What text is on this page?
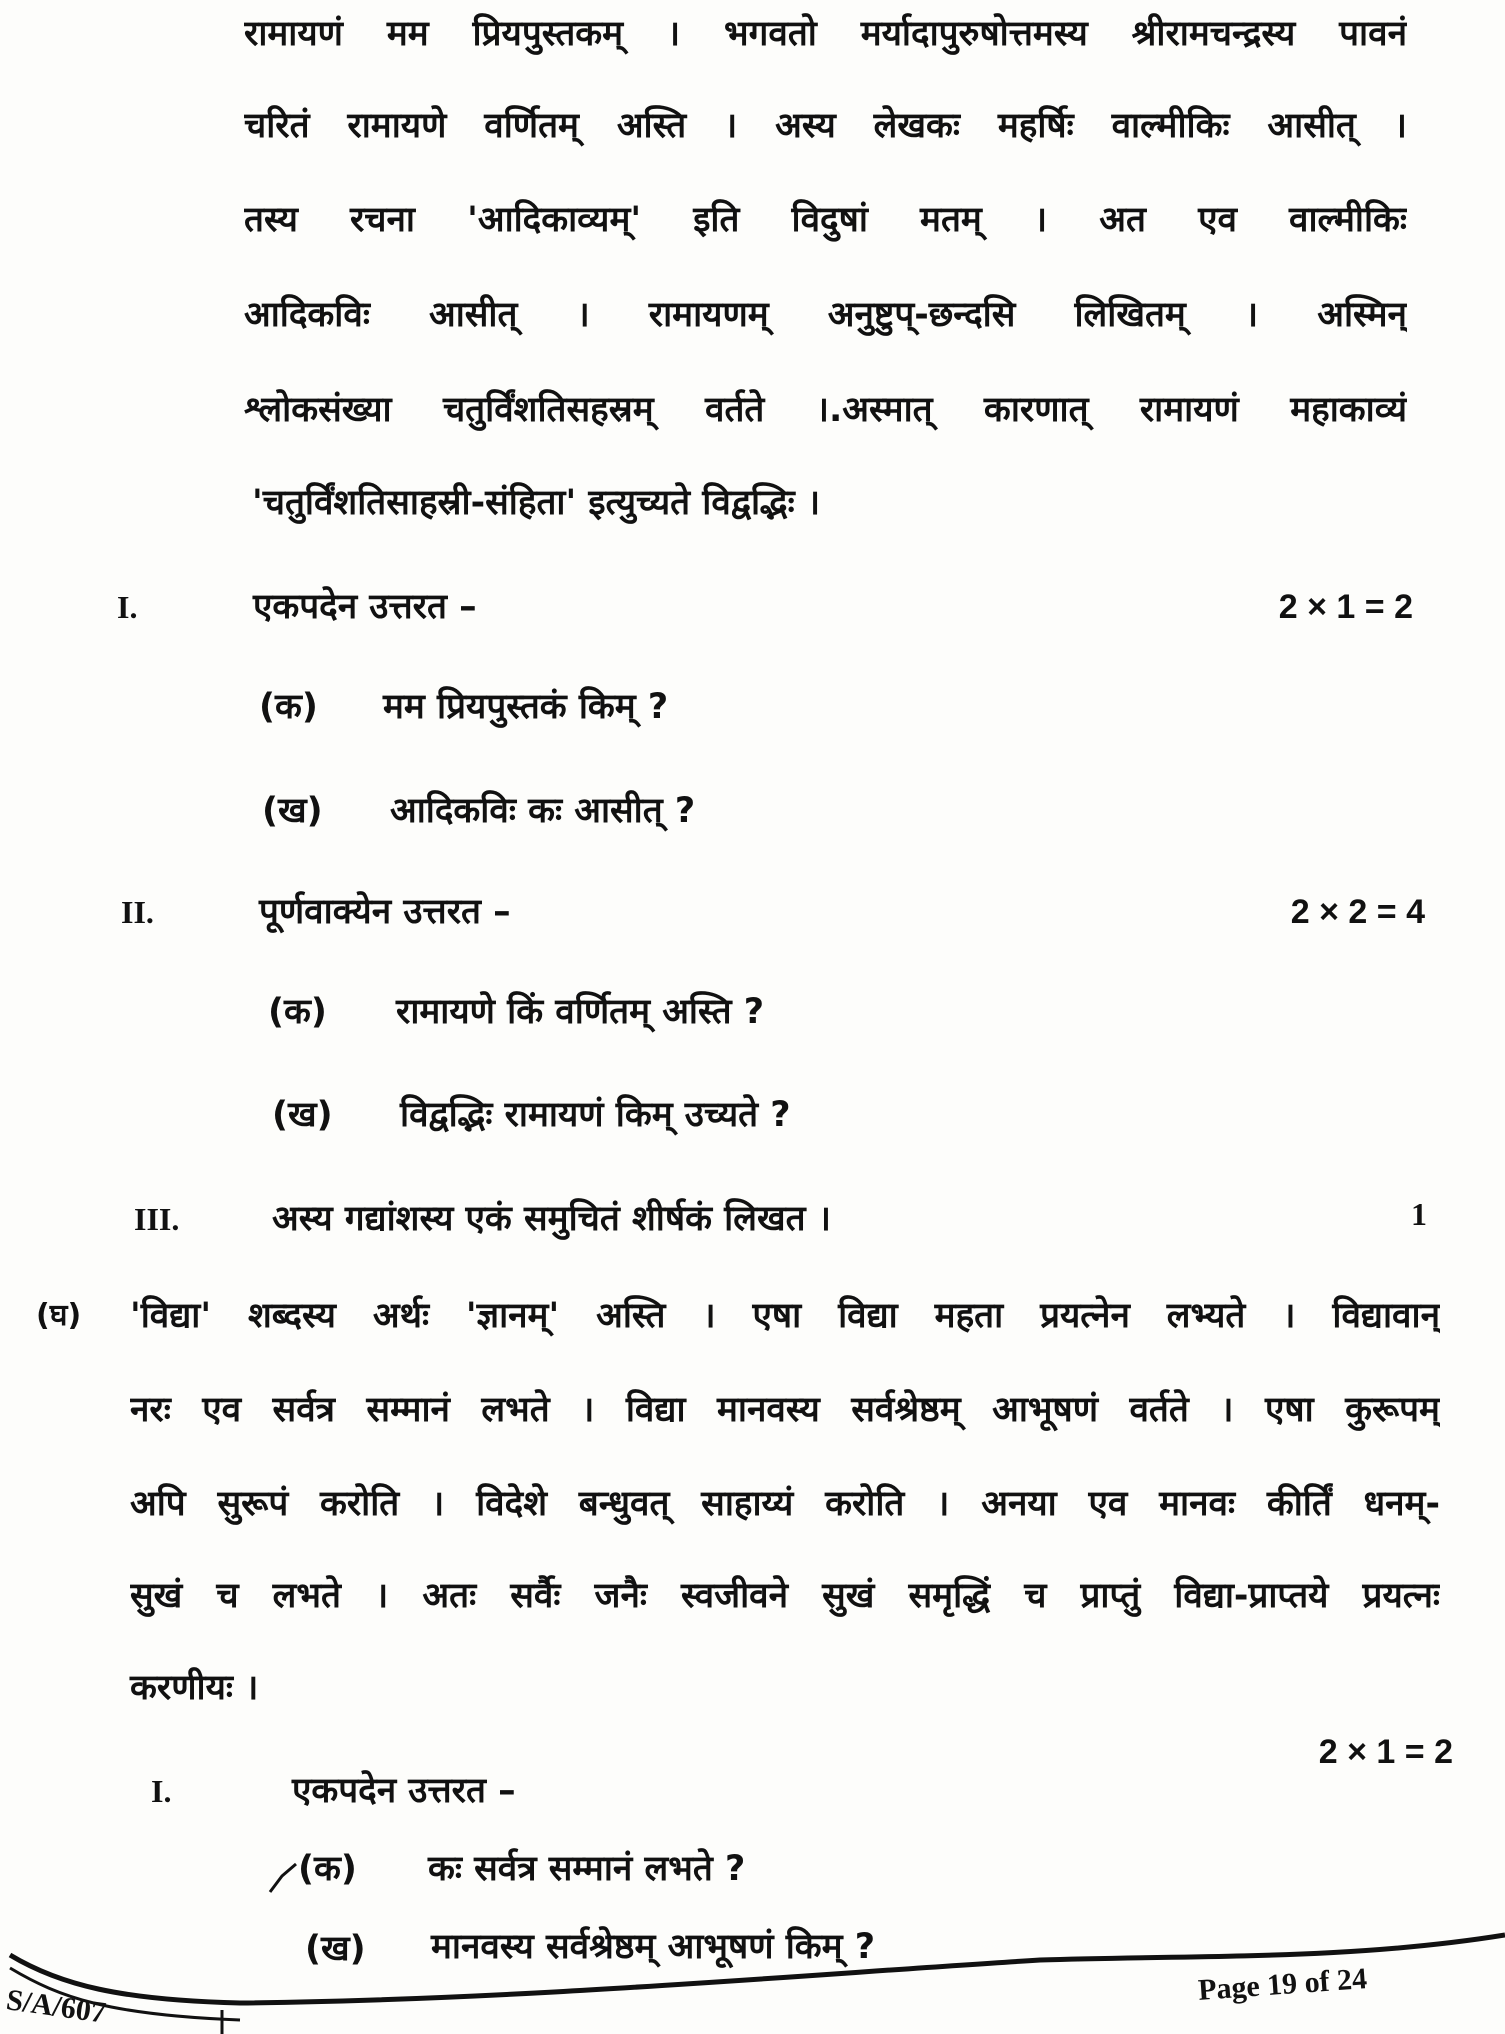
रामायणं मम प्रियपुस्तकम् । भगवतो मर्यादापुरुषोत्तमस्य श्रीरामचन्द्रस्य पावनं
चरितं रामायणे वर्णितम् अस्ति । अस्य लेखकः महर्षिः वाल्मीकिः आसीत् ।
तस्य रचना 'आदिकाव्यम्' इति विदुषां मतम् । अत एव वाल्मीकिः
आदिकविः आसीत् । रामायणम् अनुष्टुप्-छन्दसि लिखितम् । अस्मिन्
श्लोकसंख्या चतुर्विंशतिसहस्रम् वर्तते ।.अस्मात् कारणात् रामायणं महाकाव्यं
'चतुर्विंशतिसाहस्री-संहिता' इत्युच्यते विद्वद्भिः ।
I.	एकपदेन उत्तरत –	2 × 1 = 2
(क) मम प्रियपुस्तकं किम् ?
(ख) आदिकविः कः आसीत् ?
II.	पूर्णवाक्येन उत्तरत –	2 × 2 = 4
(क) रामायणे किं वर्णितम् अस्ति ?
(ख) विद्वद्भिः रामायणं किम् उच्यते ?
III.	अस्य गद्यांशस्य एकं समुचितं शीर्षकं लिखत ।	1
(घ) 'विद्या' शब्दस्य अर्थः 'ज्ञानम्' अस्ति । एषा विद्या महता प्रयत्नेन लभ्यते । विद्यावान्
नरः एव सर्वत्र सम्मानं लभते । विद्या मानवस्य सर्वश्रेष्ठम् आभूषणं वर्तते । एषा कुरूपम्
अपि सुरूपं करोति । विदेशे बन्धुवत् साहाय्यं करोति । अनया एव मानवः कीर्तिं धनम्-
सुखं च लभते । अतः सर्वैः जनैः स्वजीवने सुखं समृद्धिं च प्राप्तुं विद्या-प्राप्तये प्रयत्नः
करणीयः ।
2 × 1 = 2
I.	एकपदेन उत्तरत –
(क) कः सर्वत्र सम्मानं लभते ?
(ख) मानवस्य सर्वश्रेष्ठम् आभूषणं किम् ?
S/A/607	Page 19 of 24
